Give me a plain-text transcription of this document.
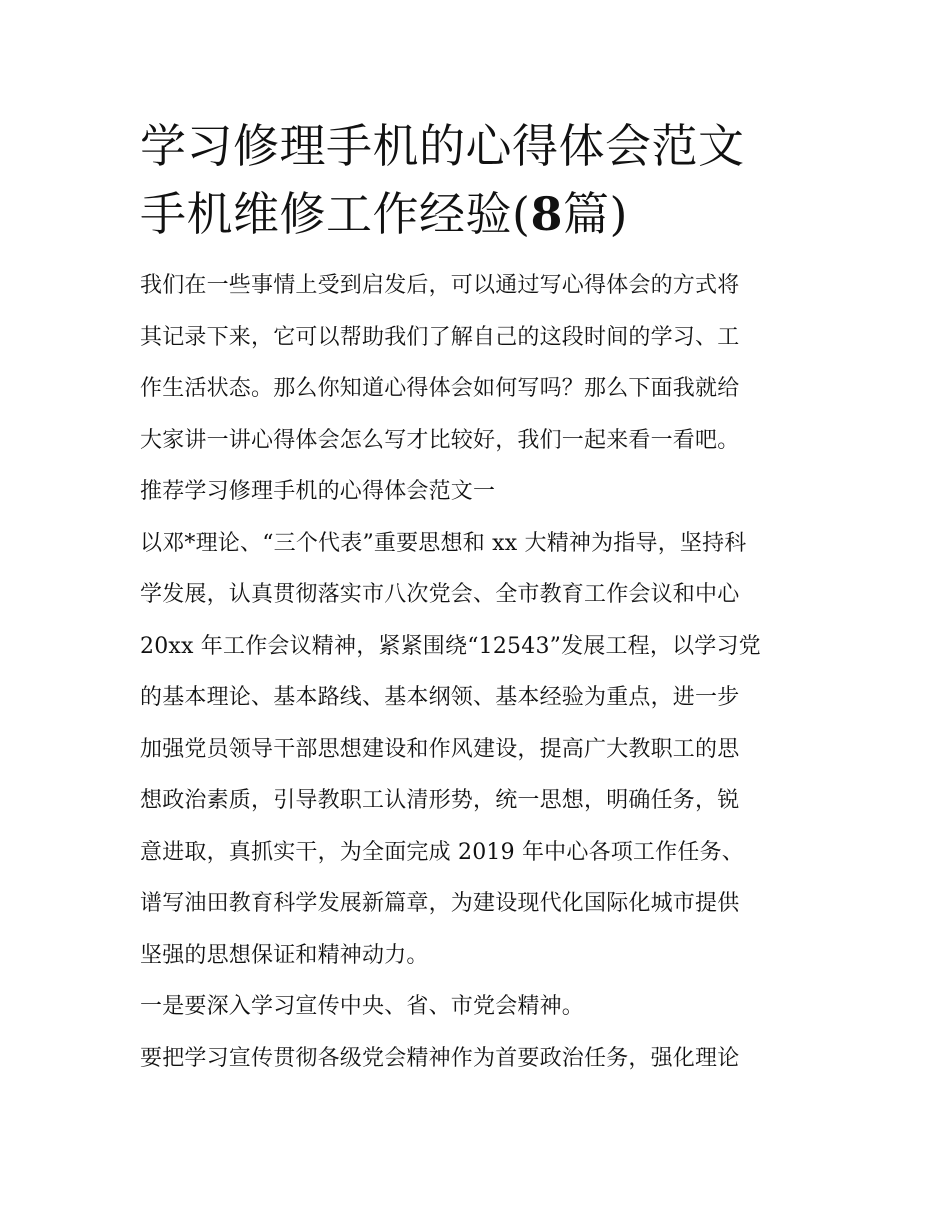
学习修理手机的心得体会范文
手机维修工作经验(8篇)

我们在一些事情上受到启发后，可以通过写心得体会的方式将

其记录下来，它可以帮助我们了解自己的这段时间的学习、工

作生活状态。那么你知道心得体会如何写吗？那么下面我就给

大家讲一讲心得体会怎么写才比较好，我们一起来看一看吧。

推荐学习修理手机的心得体会范文一

以邓*理论、“三个代表”重要思想和 xx 大精神为指导，坚持科

学发展，认真贯彻落实市八次党会、全市教育工作会议和中心

20xx 年工作会议精神，紧紧围绕“12543”发展工程，以学习党

的基本理论、基本路线、基本纲领、基本经验为重点，进一步

加强党员领导干部思想建设和作风建设，提高广大教职工的思

想政治素质，引导教职工认清形势，统一思想，明确任务，锐

意进取，真抓实干，为全面完成 2019 年中心各项工作任务、

谱写油田教育科学发展新篇章，为建设现代化国际化城市提供

坚强的思想保证和精神动力。

一是要深入学习宣传中央、省、市党会精神。

要把学习宣传贯彻各级党会精神作为首要政治任务，强化理论
